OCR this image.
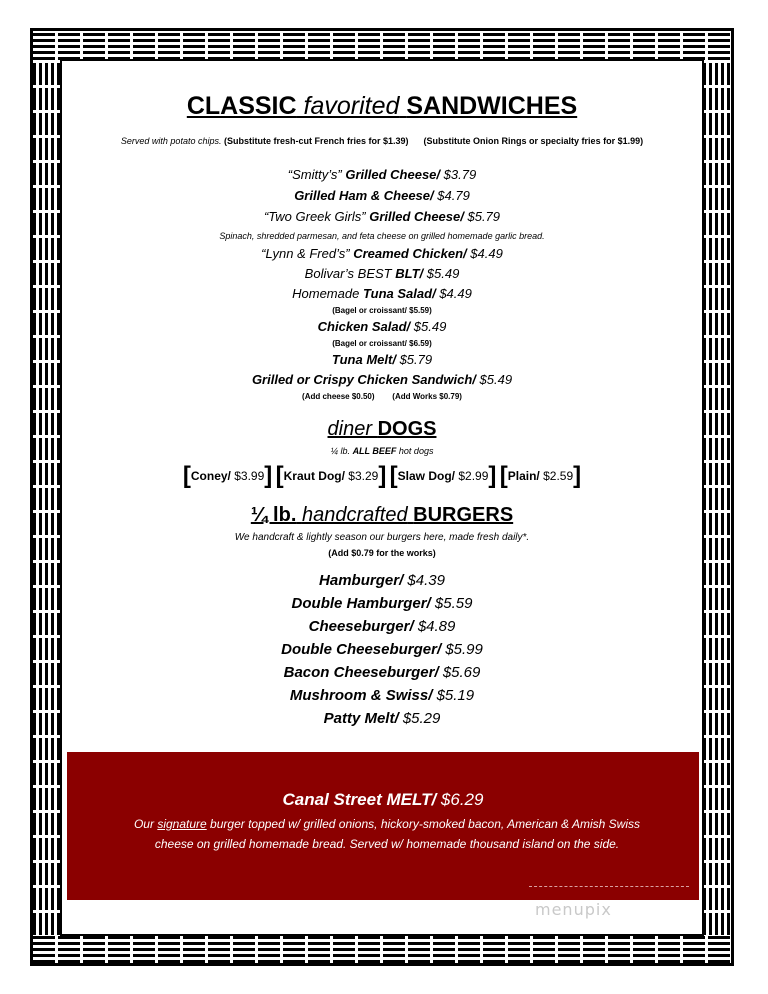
CLASSIC favorited SANDWICHES
Served with potato chips. (Substitute fresh-cut French fries for $1.39) (Substitute Onion Rings or specialty fries for $1.99)
“Smitty’s” Grilled Cheese/ $3.79
Grilled Ham & Cheese/ $4.79
“Two Greek Girls” Grilled Cheese/ $5.79
Spinach, shredded parmesan, and feta cheese on grilled homemade garlic bread.
“Lynn & Fred’s” Creamed Chicken/ $4.49
Bolivar’s BEST BLT/ $5.49
Homemade Tuna Salad/ $4.49
(Bagel or croissant/ $5.59)
Chicken Salad/ $5.49
(Bagel or croissant/ $6.59)
Tuna Melt/ $5.79
Grilled or Crispy Chicken Sandwich/ $5.49
(Add cheese $0.50)        (Add Works $0.79)
diner DOGS
¼ lb. ALL BEEF hot dogs
[Coney/ $3.99] [Kraut Dog/ $3.29] [Slaw Dog/ $2.99] [Plain/ $2.59]
¼ lb. handcrafted BURGERS
We handcraft & lightly season our burgers here, made fresh daily*.
(Add $0.79 for the works)
Hamburger/ $4.39
Double Hamburger/ $5.59
Cheeseburger/ $4.89
Double Cheeseburger/ $5.99
Bacon Cheeseburger/ $5.69
Mushroom & Swiss/ $5.19
Patty Melt/ $5.29
Canal Street MELT/ $6.29
Our signature burger topped w/ grilled onions, hickory-smoked bacon, American & Amish Swiss
cheese on grilled homemade bread. Served w/ homemade thousand island on the side.
menupix
